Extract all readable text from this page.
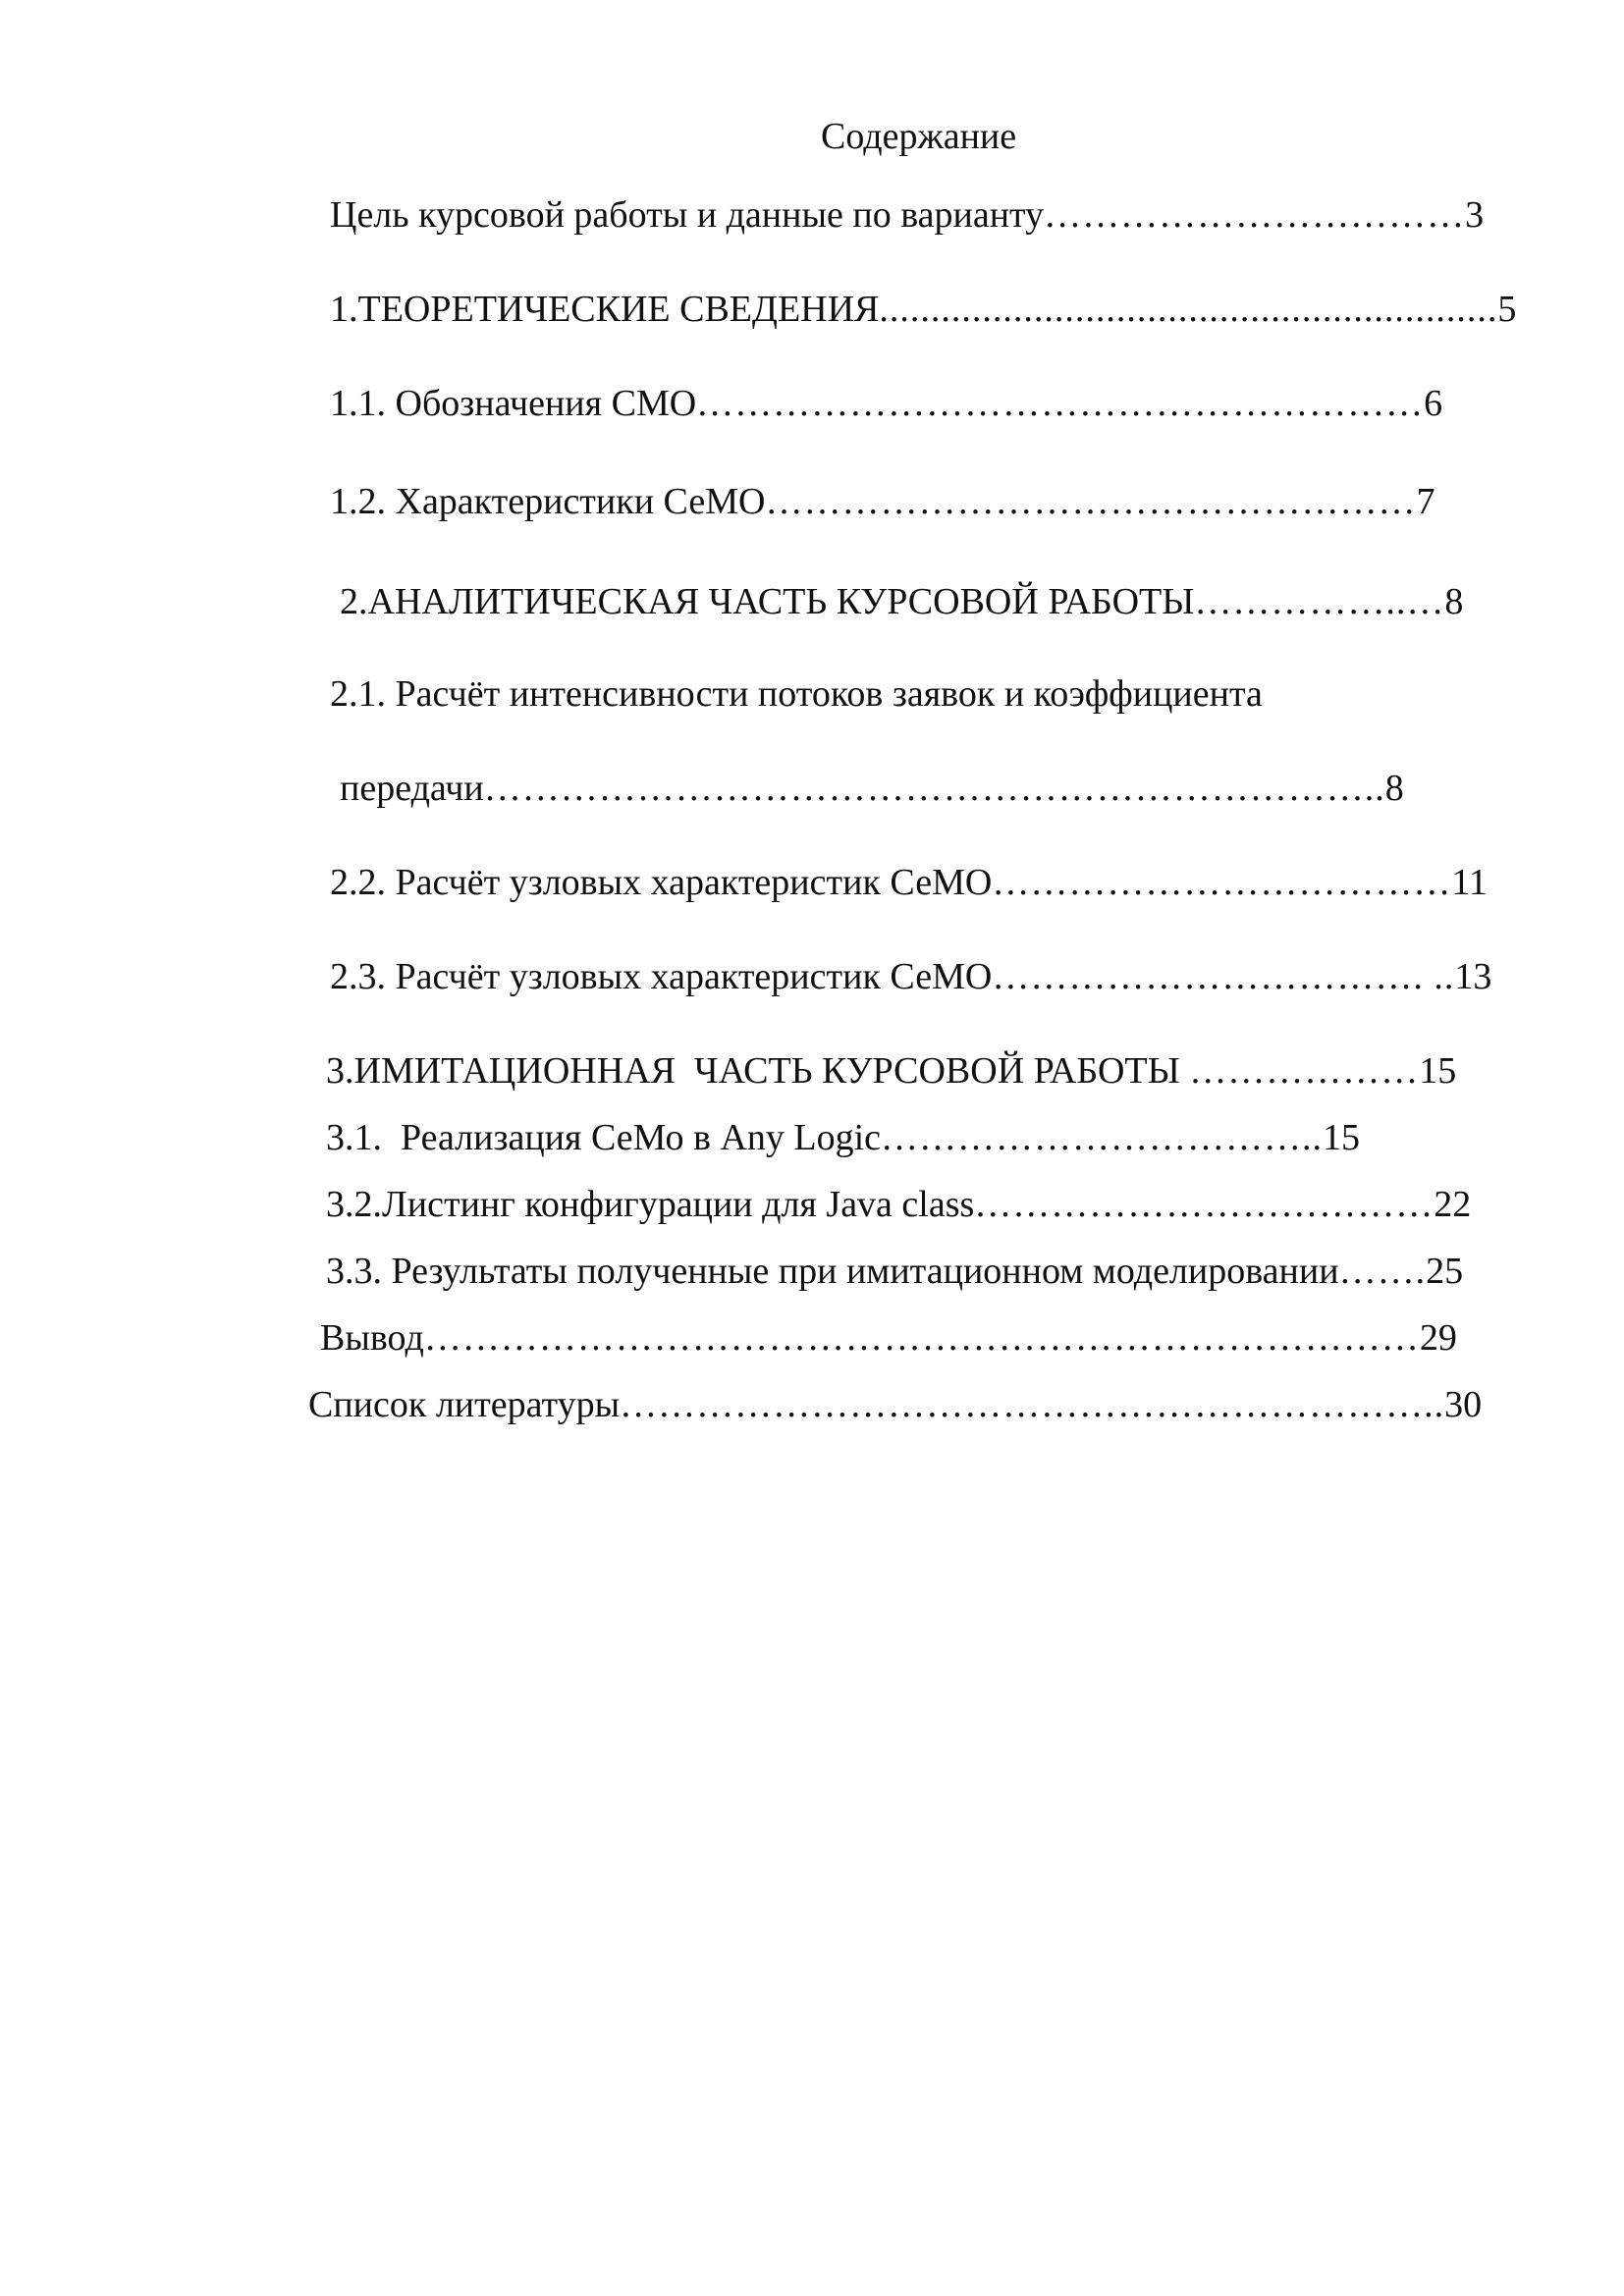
Содержание
Цель курсовой работы и данные по варианту……………………………3
1.ТЕОРЕТИЧЕСКИЕ СВЕДЕНИЯ............................................................5
1.1. Обозначения СМО…………………………………………………6
1.2. Характеристики СеМО……………………………………………7
2.АНАЛИТИЧЕСКАЯ ЧАСТЬ КУРСОВОЙ РАБОТЫ……………..…8
2.1. Расчёт интенсивности потоков заявок и коэффициента
передачи……………………………………………………………..8
2.2. Расчёт узловых характеристик СеМО………………………………11
2.3. Расчёт узловых характеристик СеМО……………………………. ..13
3.ИМИТАЦИОННАЯ  ЧАСТЬ КУРСОВОЙ РАБОТЫ ………………15
3.1.  Реализация СеМо в Any Logic……………………………..15
3.2.Листинг конфигурации для Java class………………………………22
3.3. Результаты полученные при имитационном моделировании…….25
Вывод……………………………………………………………………29
Список литературы………………………………………………………..30
